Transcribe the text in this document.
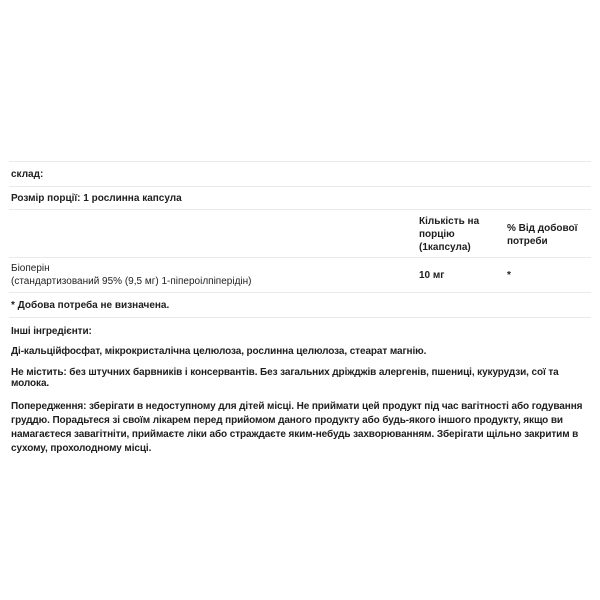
склад:
Розмір порції: 1 рослинна капсула
Кількість на порцію (1капсула)
% Від добової потреби
Біоперін
(стандартизований 95% (9,5 мг) 1-піпероілпіперідін)
10 мг	*
* Добова потреба не визначена.

Інші інгредієнти:

Ді-кальційфосфат, мікрокристалічна целюлоза, рослинна целюлоза, стеарат магнію.

Не містить: без штучних барвників і консервантів. Без загальних дріжджів алергенів, пшениці, кукурудзи, сої та молока.

Попередження: зберігати в недоступному для дітей місці. Не приймати цей продукт під час вагітності або годування груддю. Порадьтеся зі своїм лікарем перед прийомом даного продукту або будь-якого іншого продукту, якщо ви намагаєтеся завагітніти, приймаєте ліки або страждаєте яким-небудь захворюванням. Зберігати щільно закритим в сухому, прохолодному місці.
